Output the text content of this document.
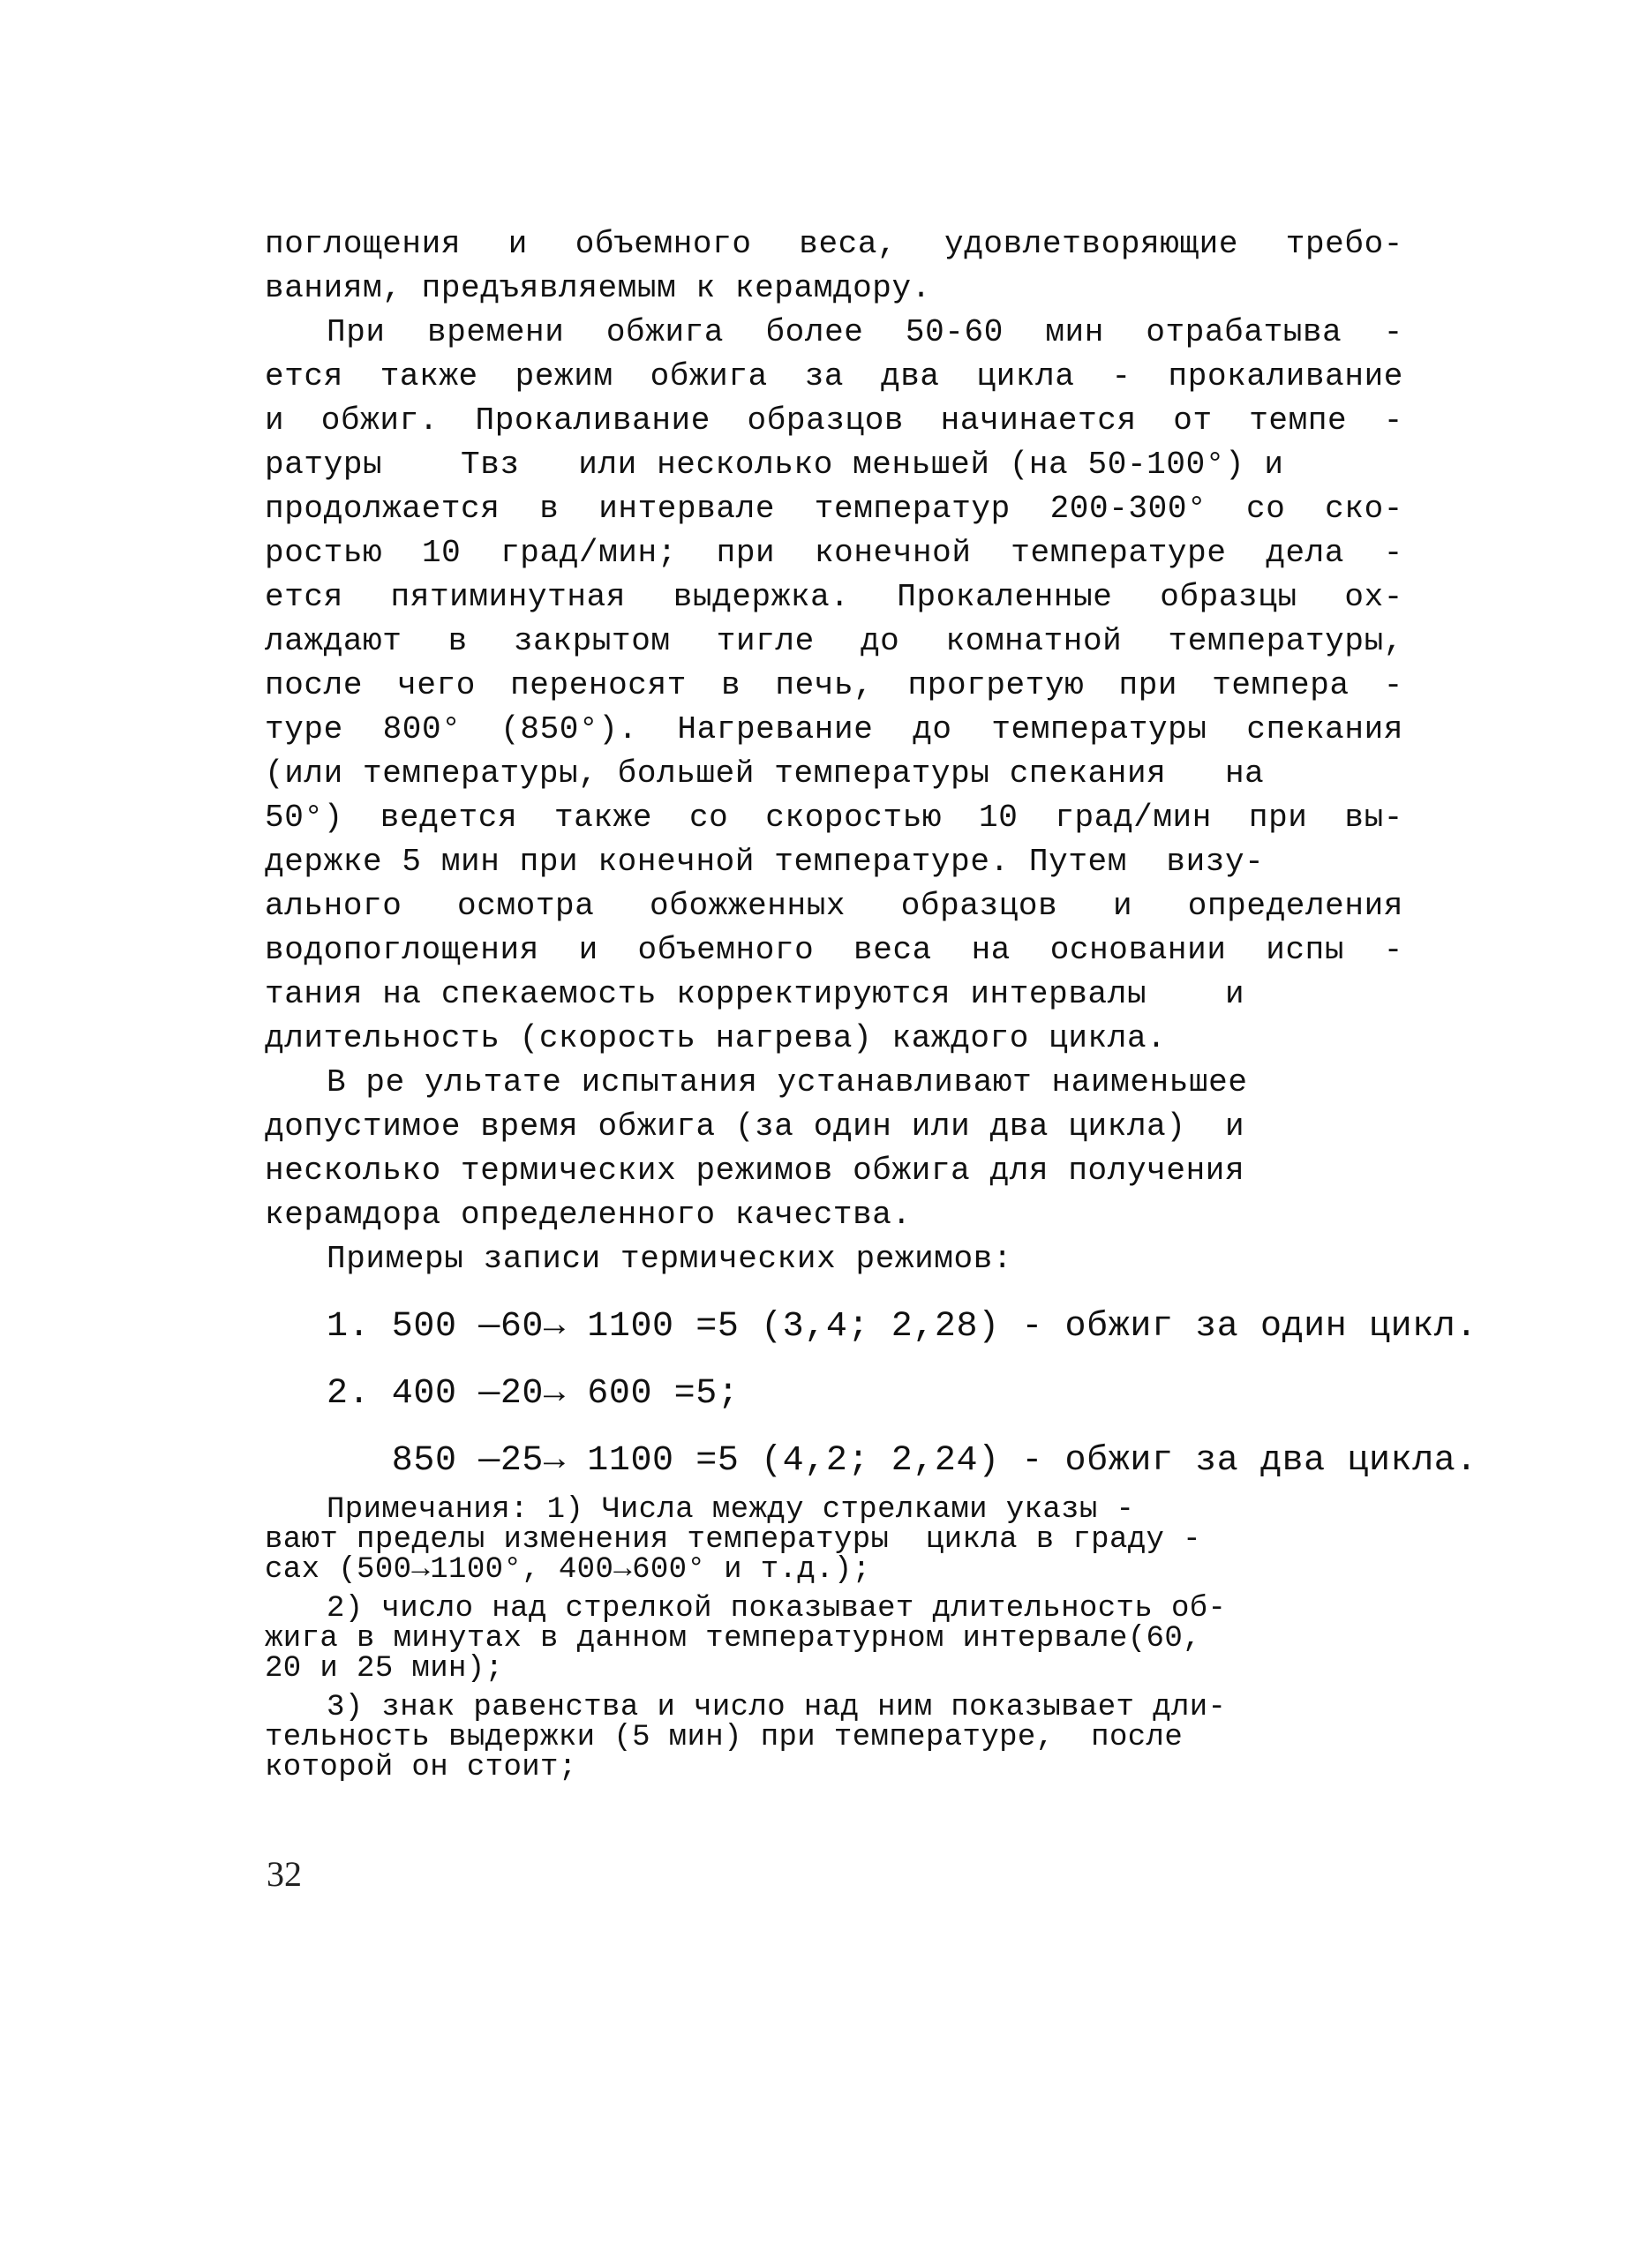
поглощения и объемного веса, удовлетворяющие требо-
ваниям, предъявляемым к керамдору.
При времени обжига более 50-60 мин отрабатыва -
ется также режим обжига за два цикла - прокаливание
и обжиг. Прокаливание образцов начинается от темпе -
ратуры    Tвз   или несколько меньшей (на 50-100°) и
продолжается в интервале температур 200-300° со ско-
ростью 10 град/мин; при конечной температуре дела -
ется пятиминутная выдержка. Прокаленные образцы ох-
лаждают в закрытом тигле до комнатной температуры,
после чего переносят в печь, прогретую при темпера -
туре 800° (850°). Нагревание до температуры спекания
(или температуры, большей температуры спекания   на
50°) ведется также со скоростью 10 град/мин при вы-
держке 5 мин при конечной температуре. Путем  визу-
ального осмотра обожженных образцов и определения
водопоглощения и объемного веса на основании испы -
тания на спекаемость корректируются интервалы    и
длительность (скорость нагрева) каждого цикла.
В ре ультате испытания устанавливают наименьшее
допустимое время обжига (за один или два цикла)  и
несколько термических режимов обжига для получения
керамдора определенного качества.
Примеры записи термических режимов:
1. 500 —60→ 1100 =5 (3,4; 2,28) - обжиг за один цикл.
2. 400 —20→ 600 =5;
850 —25→ 1100 =5 (4,2; 2,24) - обжиг за два цикла.
Примечания: 1) Числа между стрелками указы -
вают пределы изменения температуры  цикла в граду -
сах (500→1100°, 400→600° и т.д.);
2) число над стрелкой показывает длительность об-
жига в минутах в данном температурном интервале(60,
20 и 25 мин);
3) знак равенства и число над ним показывает дли-
тельность выдержки (5 мин) при температуре,  после
которой он стоит;
32
